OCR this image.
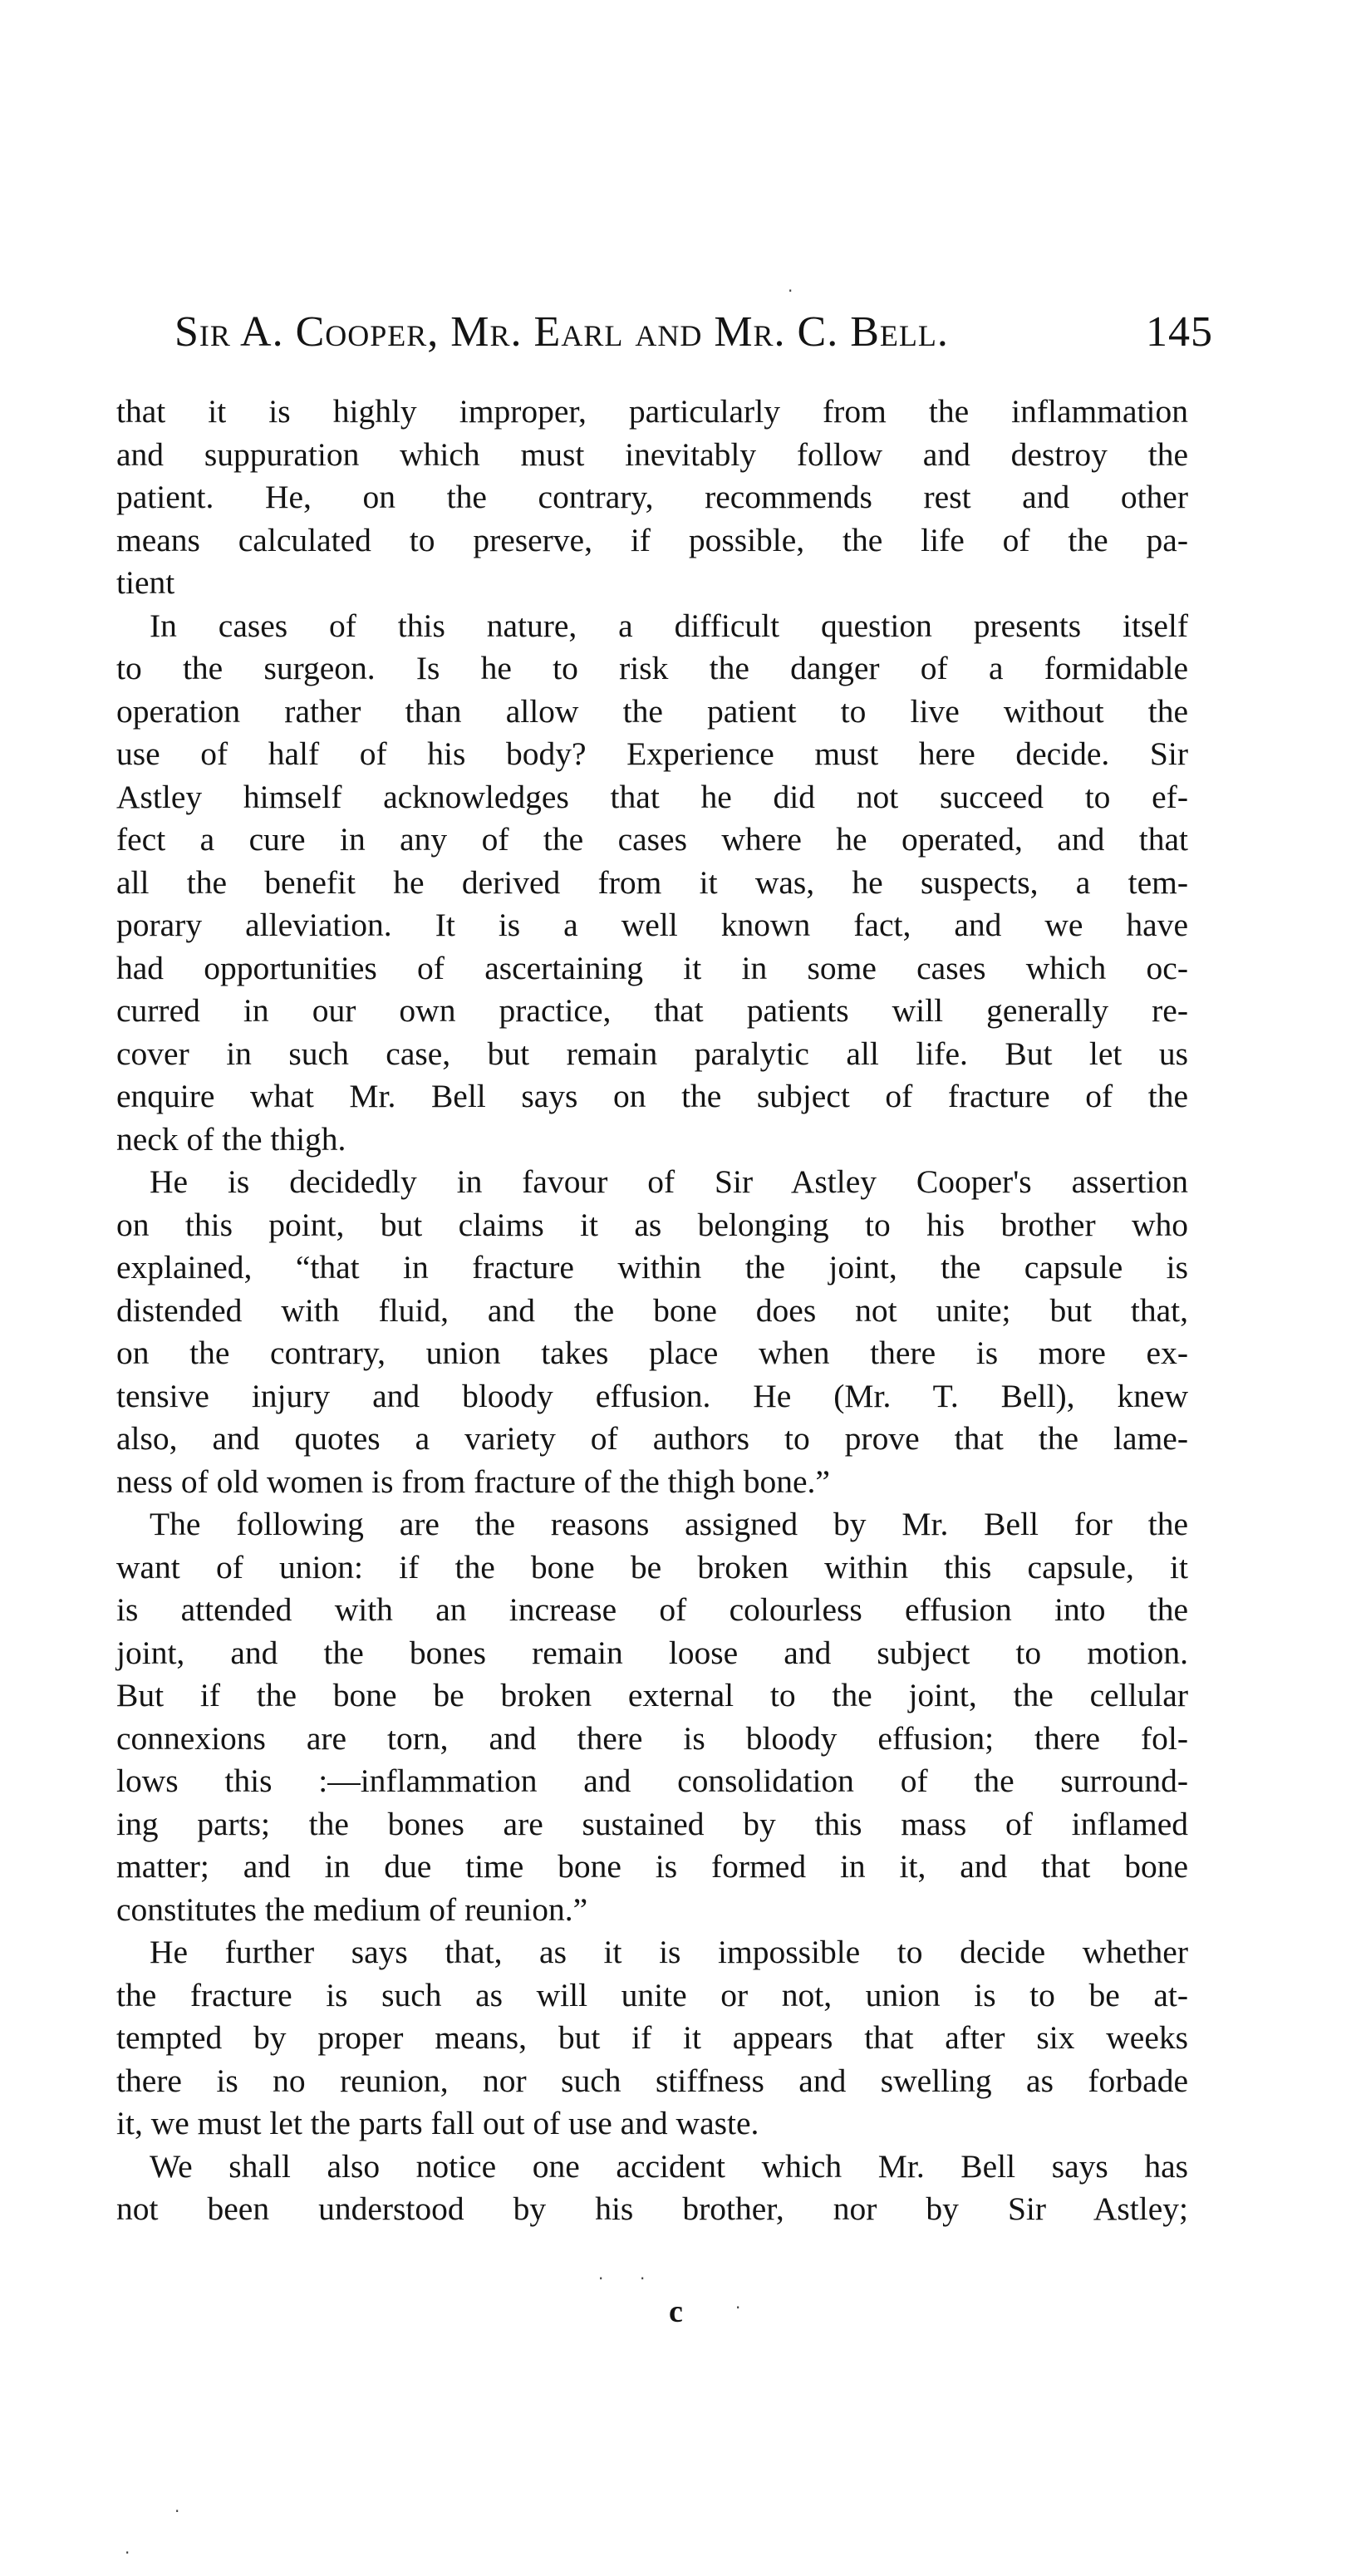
Sir A. Cooper, Mr. Earl and Mr. C. Bell.	145
that it is highly improper, particularly from the inflammation
and suppuration which must inevitably follow and destroy the
patient. He, on the contrary, recommends rest and other
means calculated to preserve, if possible, the life of the pa-
tient
In cases of this nature, a difficult question presents itself
to the surgeon. Is he to risk the danger of a formidable
operation rather than allow the patient to live without the
use of half of his body? Experience must here decide. Sir
Astley himself acknowledges that he did not succeed to ef-
fect a cure in any of the cases where he operated, and that
all the benefit he derived from it was, he suspects, a tem-
porary alleviation. It is a well known fact, and we have
had opportunities of ascertaining it in some cases which oc-
curred in our own practice, that patients will generally re-
cover in such case, but remain paralytic all life. But let us
enquire what Mr. Bell says on the subject of fracture of the
neck of the thigh.
He is decidedly in favour of Sir Astley Cooper's assertion
on this point, but claims it as belonging to his brother who
explained, “that in fracture within the joint, the capsule is
distended with fluid, and the bone does not unite; but that,
on the contrary, union takes place when there is more ex-
tensive injury and bloody effusion. He (Mr. T. Bell), knew
also, and quotes a variety of authors to prove that the lame-
ness of old women is from fracture of the thigh bone.”
The following are the reasons assigned by Mr. Bell for the
want of union: if the bone be broken within this capsule, it
is attended with an increase of colourless effusion into the
joint, and the bones remain loose and subject to motion.
But if the bone be broken external to the joint, the cellular
connexions are torn, and there is bloody effusion; there fol-
lows this :—inflammation and consolidation of the surround-
ing parts; the bones are sustained by this mass of inflamed
matter; and in due time bone is formed in it, and that bone
constitutes the medium of reunion.”
He further says that, as it is impossible to decide whether
the fracture is such as will unite or not, union is to be at-
tempted by proper means, but if it appears that after six weeks
there is no reunion, nor such stiffness and swelling as forbade
it, we must let the parts fall out of use and waste.
We shall also notice one accident which Mr. Bell says has
not been understood by his brother, nor by Sir Astley;
c
·
· ·
·
·
·
